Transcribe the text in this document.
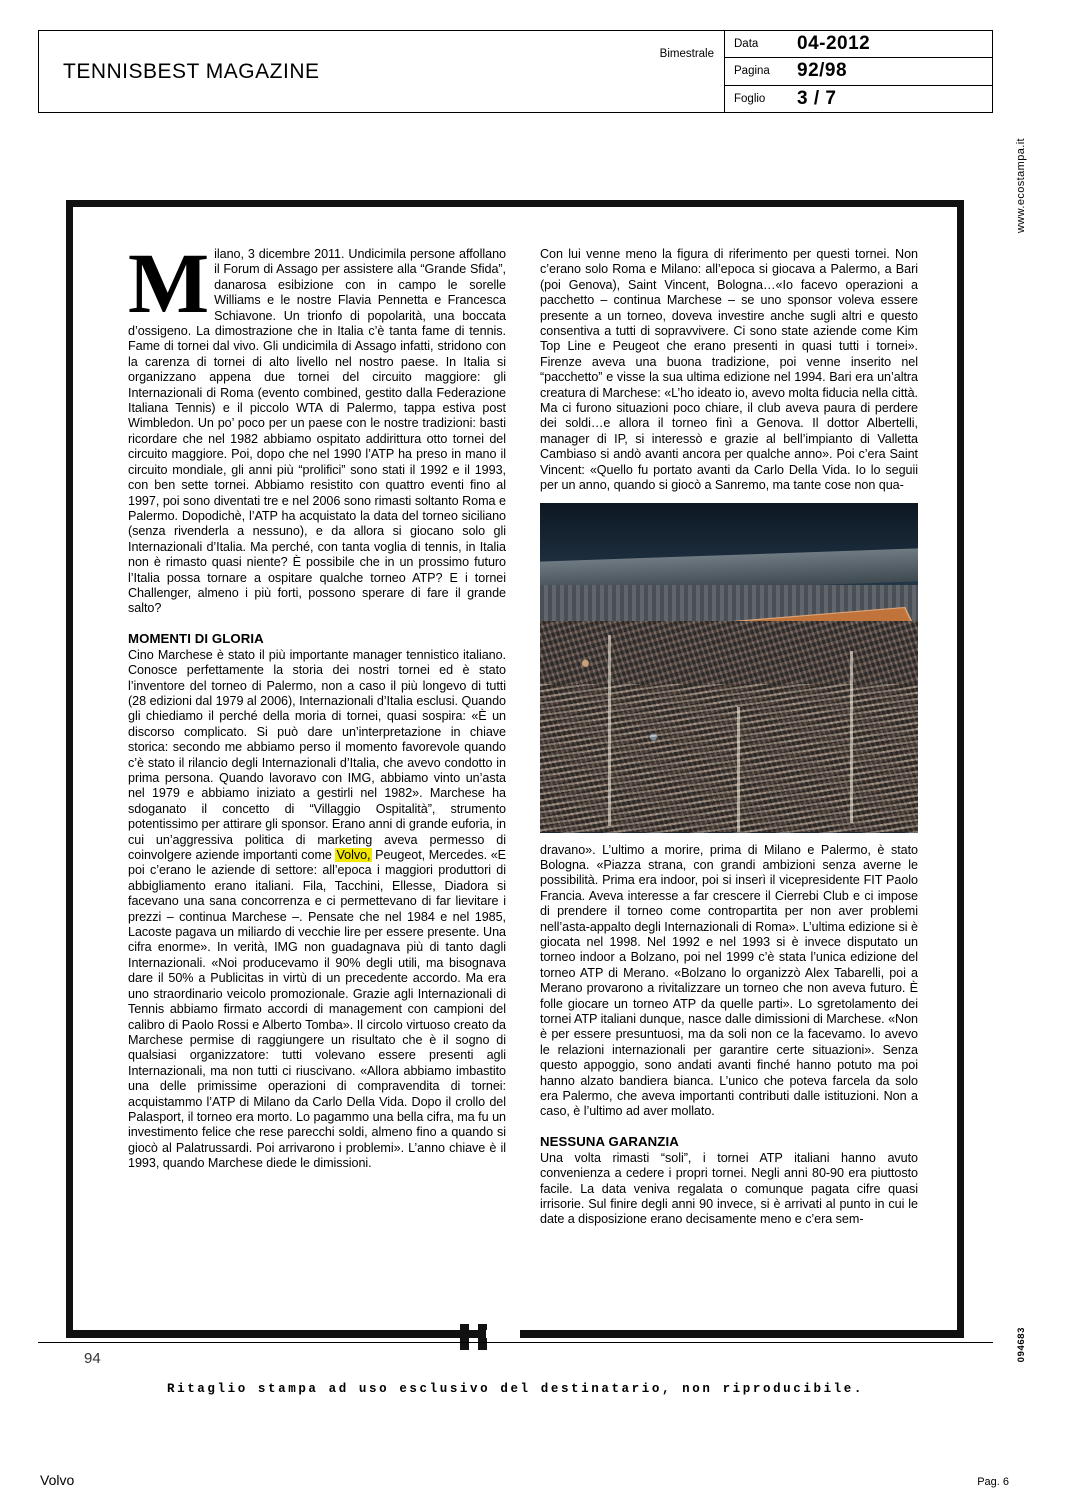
TENNISBEST MAGAZINE
Bimestrale
Data	04-2012
Pagina	92/98
Foglio	3 / 7
www.ecostampa.it
094683

Milano, 3 dicembre 2011. Undicimila persone affollano il Forum di Assago per assistere alla “Grande Sfida”, danarosa esibizione con in campo le sorelle Williams e le nostre Flavia Pennetta e Francesca Schiavone. Un trionfo di popolarità, una boccata d’ossigeno. La dimostrazione che in Italia c’è tanta fame di tennis. Fame di tornei dal vivo. Gli undicimila di Assago infatti, stridono con la carenza di tornei di alto livello nel nostro paese. In Italia si organizzano appena due tornei del circuito maggiore: gli Internazionali di Roma (evento combined, gestito dalla Federazione Italiana Tennis) e il piccolo WTA di Palermo, tappa estiva post Wimbledon. Un po’ poco per un paese con le nostre tradizioni: basti ricordare che nel 1982 abbiamo ospitato addirittura otto tornei del circuito maggiore. Poi, dopo che nel 1990 l’ATP ha preso in mano il circuito mondiale, gli anni più “prolifici” sono stati il 1992 e il 1993, con ben sette tornei. Abbiamo resistito con quattro eventi fino al 1997, poi sono diventati tre e nel 2006 sono rimasti soltanto Roma e Palermo. Dopodichè, l’ATP ha acquistato la data del torneo siciliano (senza rivenderla a nessuno), e da allora si giocano solo gli Internazionali d’Italia. Ma perché, con tanta voglia di tennis, in Italia non è rimasto quasi niente? È possibile che in un prossimo futuro l’Italia possa tornare a ospitare qualche torneo ATP? E i tornei Challenger, almeno i più forti, possono sperare di fare il grande salto?

MOMENTI DI GLORIA

Cino Marchese è stato il più importante manager tennistico italiano. Conosce perfettamente la storia dei nostri tornei ed è stato l’inventore del torneo di Palermo, non a caso il più longevo di tutti (28 edizioni dal 1979 al 2006), Internazionali d’Italia esclusi. Quando gli chiediamo il perché della moria di tornei, quasi sospira: «È un discorso complicato. Si può dare un’interpretazione in chiave storica: secondo me abbiamo perso il momento favorevole quando c’è stato il rilancio degli Internazionali d’Italia, che avevo condotto in prima persona. Quando lavoravo con IMG, abbiamo vinto un’asta nel 1979 e abbiamo iniziato a gestirli nel 1982». Marchese ha sdoganato il concetto di “Villaggio Ospitalità”, strumento potentissimo per attirare gli sponsor. Erano anni di grande euforia, in cui un’aggressiva politica di marketing aveva permesso di coinvolgere aziende importanti come Volvo, Peugeot, Mercedes. «E poi c’erano le aziende di settore: all’epoca i maggiori produttori di abbigliamento erano italiani. Fila, Tacchini, Ellesse, Diadora si facevano una sana concorrenza e ci permettevano di far lievitare i prezzi – continua Marchese –. Pensate che nel 1984 e nel 1985, Lacoste pagava un miliardo di vecchie lire per essere presente. Una cifra enorme». In verità, IMG non guadagnava più di tanto dagli Internazionali. «Noi producevamo il 90% degli utili, ma bisognava dare il 50% a Publicitas in virtù di un precedente accordo. Ma era uno straordinario veicolo promozionale. Grazie agli Internazionali di Tennis abbiamo firmato accordi di management con campioni del calibro di Paolo Rossi e Alberto Tomba». Il circolo virtuoso creato da Marchese permise di raggiungere un risultato che è il sogno di qualsiasi organizzatore: tutti volevano essere presenti agli Internazionali, ma non tutti ci riuscivano. «Allora abbiamo imbastito una delle primissime operazioni di compravendita di tornei: acquistammo l’ATP di Milano da Carlo Della Vida. Dopo il crollo del Palasport, il torneo era morto. Lo pagammo una bella cifra, ma fu un investimento felice che rese parecchi soldi, almeno fino a quando si giocò al Palatrussardi. Poi arrivarono i problemi». L’anno chiave è il 1993, quando Marchese diede le dimissioni.

Con lui venne meno la figura di riferimento per questi tornei. Non c’erano solo Roma e Milano: all’epoca si giocava a Palermo, a Bari (poi Genova), Saint Vincent, Bologna…«Io facevo operazioni a pacchetto – continua Marchese – se uno sponsor voleva essere presente a un torneo, doveva investire anche sugli altri e questo consentiva a tutti di sopravvivere. Ci sono state aziende come Kim Top Line e Peugeot che erano presenti in quasi tutti i tornei». Firenze aveva una buona tradizione, poi venne inserito nel “pacchetto” e visse la sua ultima edizione nel 1994. Bari era un’altra creatura di Marchese: «L’ho ideato io, avevo molta fiducia nella città. Ma ci furono situazioni poco chiare, il club aveva paura di perdere dei soldi…e allora il torneo finì a Genova. Il dottor Albertelli, manager di IP, si interessò e grazie al bell’impianto di Valletta Cambiaso si andò avanti ancora per qualche anno». Poi c’era Saint Vincent: «Quello fu portato avanti da Carlo Della Vida. Io lo seguii per un anno, quando si giocò a Sanremo, ma tante cose non qua-

dravano». L’ultimo a morire, prima di Milano e Palermo, è stato Bologna. «Piazza strana, con grandi ambizioni senza averne le possibilità. Prima era indoor, poi si inserì il vicepresidente FIT Paolo Francia. Aveva interesse a far crescere il Cierrebi Club e ci impose di prendere il torneo come contropartita per non aver problemi nell’asta-appalto degli Internazionali di Roma». L’ultima edizione si è giocata nel 1998. Nel 1992 e nel 1993 si è invece disputato un torneo indoor a Bolzano, poi nel 1999 c’è stata l’unica edizione del torneo ATP di Merano. «Bolzano lo organizzò Alex Tabarelli, poi a Merano provarono a rivitalizzare un torneo che non aveva futuro. È folle giocare un torneo ATP da quelle parti». Lo sgretolamento dei tornei ATP italiani dunque, nasce dalle dimissioni di Marchese. «Non è per essere presuntuosi, ma da soli non ce la facevamo. Io avevo le relazioni internazionali per garantire certe situazioni». Senza questo appoggio, sono andati avanti finché hanno potuto ma poi hanno alzato bandiera bianca. L’unico che poteva farcela da solo era Palermo, che aveva importanti contributi dalle istituzioni. Non a caso, è l’ultimo ad aver mollato.

NESSUNA GARANZIA

Una volta rimasti “soli”, i tornei ATP italiani hanno avuto convenienza a cedere i propri tornei. Negli anni 80-90 era piuttosto facile. La data veniva regalata o comunque pagata cifre quasi irrisorie. Sul finire degli anni 90 invece, si è arrivati al punto in cui le date a disposizione erano decisamente meno e c’era sem-

94
Ritaglio stampa ad uso esclusivo del destinatario, non riproducibile.
Volvo	Pag. 6
